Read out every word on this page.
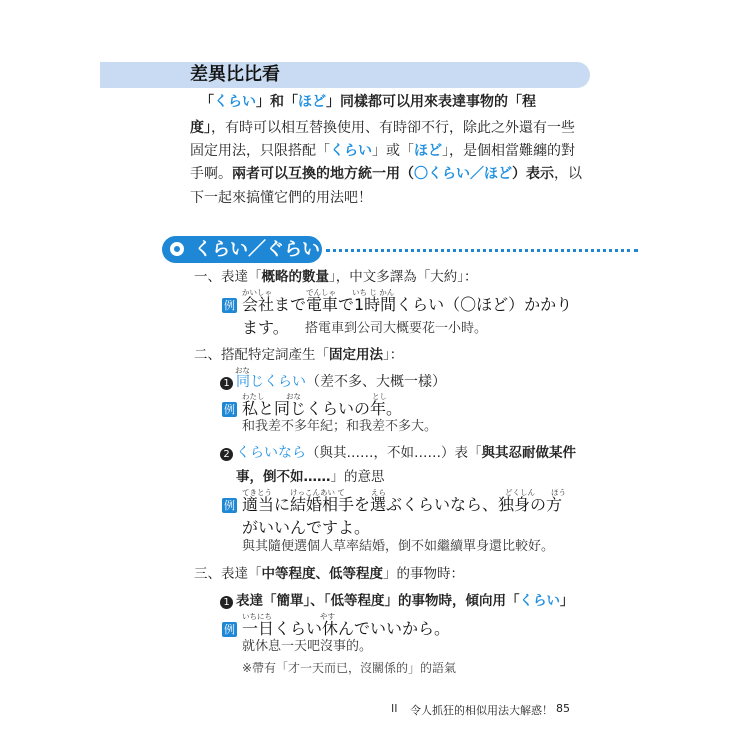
差異比比看
「くらい」和「ほど」同樣都可以用來表達事物的「程
度」，有時可以相互替換使用、有時卻不行，除此之外還有一些
固定用法，只限搭配「くらい」或「ほど」，是個相當難纏的對
手啊。兩者可以互換的地方統一用（〇くらい／ほど）表示，以
下一起來搞懂它們的用法吧！
くらい／ぐらい
一、表達「概略的數量」，中文多譯為「大約」：
かいしゃ	でんしゃ いち じ かん
例 会社まで電車で1時間くらい（〇ほど）かかり
ます。 搭電車到公司大概要花一小時。
二、搭配特定詞產生「固定用法」：
おな
1 同じくらい（差不多、大概一樣）
わたし	おな	とし
例 私と同じくらいの年。
和我差不多年紀；和我差不多大。
2 くらいなら（與其……，不如……）表「與其忍耐做某件
事，倒不如……」的意思
てきとう けっこんあい て	えら	どくしん ほう
例 適当に結婚相手を選ぶくらいなら、独身の方
がいいんですよ。
與其隨便選個人草率結婚，倒不如繼續單身還比較好。
三、表達「中等程度、低等程度」的事物時：
1 表達「簡單」、「低等程度」的事物時，傾向用「くらい」
いちにち	やす
例 一日くらい休んでいいから。
就休息一天吧沒事的。
※帶有「才一天而已，沒關係的」的語氣
II 令人抓狂的相似用法大解惑！ 85
